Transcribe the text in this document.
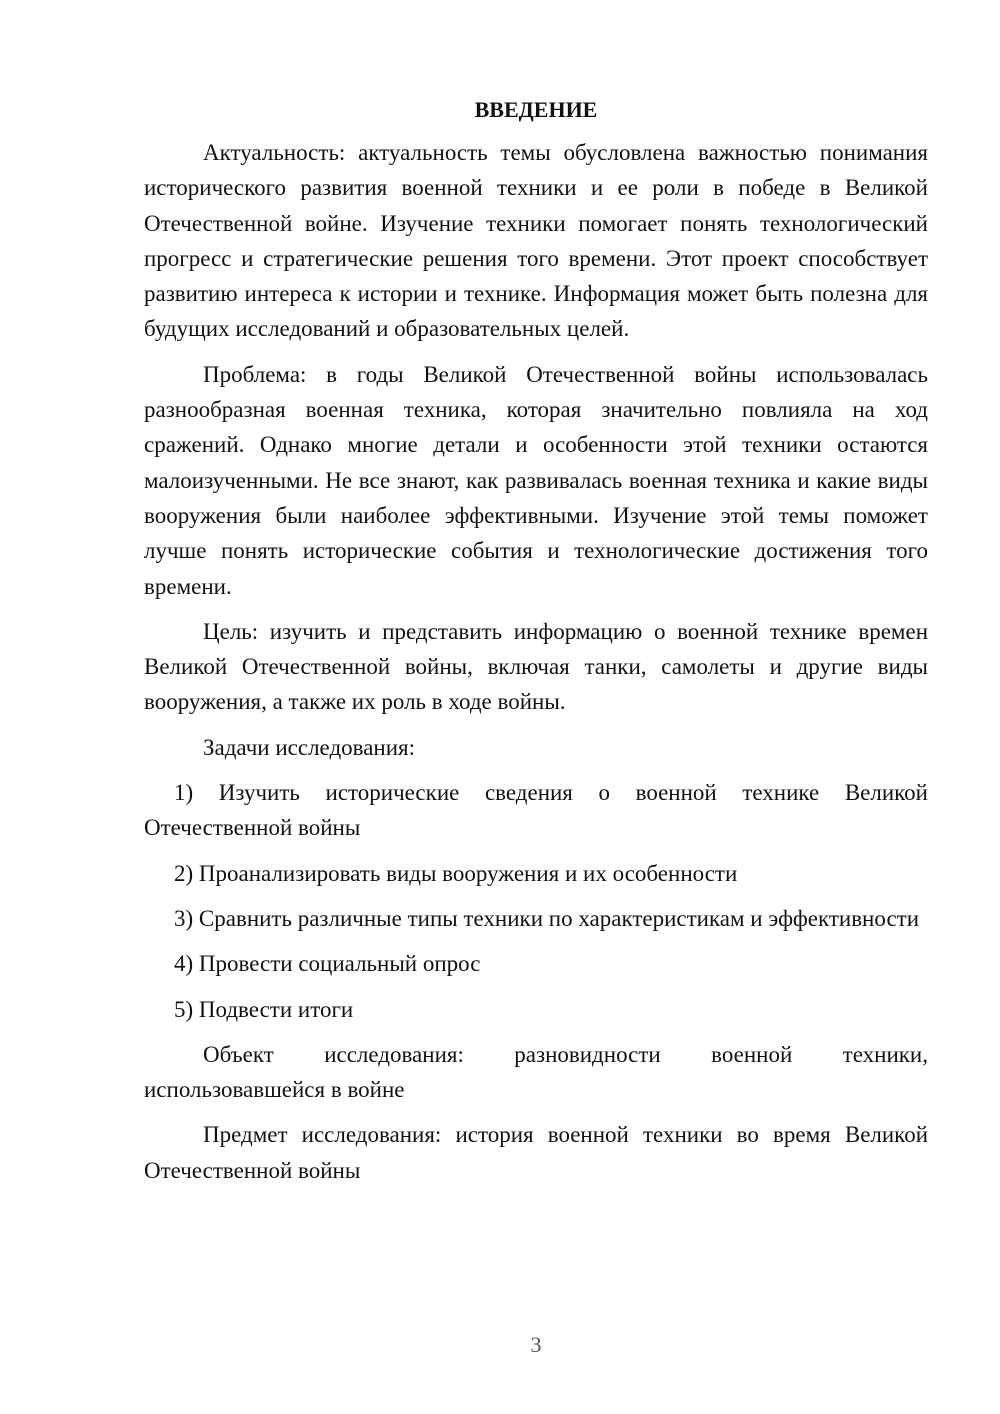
ВВЕДЕНИЕ

Актуальность: актуальность темы обусловлена важностью понимания исторического развития военной техники и ее роли в победе в Великой Отечественной войне. Изучение техники помогает понять технологический прогресс и стратегические решения того времени. Этот проект способствует развитию интереса к истории и технике. Информация может быть полезна для будущих исследований и образовательных целей.

Проблема: в годы Великой Отечественной войны использовалась разнообразная военная техника, которая значительно повлияла на ход сражений. Однако многие детали и особенности этой техники остаются малоизученными. Не все знают, как развивалась военная техника и какие виды вооружения были наиболее эффективными. Изучение этой темы поможет лучше понять исторические события и технологические достижения того времени.

Цель: изучить и представить информацию о военной технике времен Великой Отечественной войны, включая танки, самолеты и другие виды вооружения, а также их роль в ходе войны.

Задачи исследования:

1) Изучить исторические сведения о военной технике Великой Отечественной войны

2) Проанализировать виды вооружения и их особенности

3) Сравнить различные типы техники по характеристикам и эффективности

4) Провести социальный опрос

5) Подвести итоги

Объект исследования: разновидности военной техники, использовавшейся в войне

Предмет исследования: история военной техники во время Великой Отечественной войны

3
